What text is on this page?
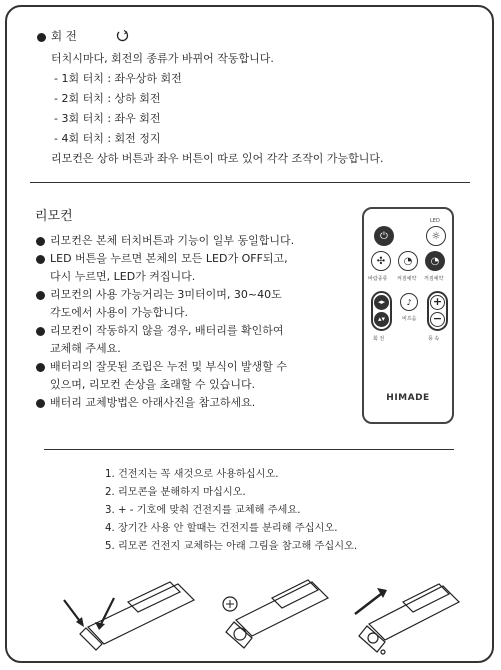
회 전
터치시마다, 회전의 종류가 바뀌어 작동합니다.
- 1회 터치 : 좌우상하 회전
- 2회 터치 : 상하 회전
- 3회 터치 : 좌우 회전
- 4회 터치 : 회전 정지
리모컨은 상하 버튼과 좌우 버튼이 따로 있어 각각 조작이 가능합니다.
리모컨
리모컨은 본체 터치버튼과 기능이 일부 동일합니다.
LED 버튼을 누르면 본체의 모든 LED가 OFF되고,
다시 누르면, LED가 켜집니다.
리모컨의 사용 가능거리는 3미터이며, 30~40도
각도에서 사용이 가능합니다.
리모컨이 작동하지 않을 경우, 배터리를 확인하여
교체해 주세요.
배터리의 잘못된 조립은 누전 및 부식이 발생할 수
있으며, 리모컨 손상을 초래할 수 있습니다.
배터리 교체방법은 아래사진을 참고하세요.
LED
⏻	☼
✣	◔	◔
바람종류 켜짐예약 꺼짐예약
◂▸
▴▾
♪
비프음
+
−
회 전	풍 속
HIMADE
1. 건전지는 꼭 새것으로 사용하십시오.
2. 리모콘을 분해하지 마십시오.
3. + - 기호에 맞춰 건전지를 교체해 주세요.
4. 장기간 사용 안 할때는 건전지를 분리해 주십시오.
5. 리모콘 건전지 교체하는 아래 그림을 참고해 주십시오.
